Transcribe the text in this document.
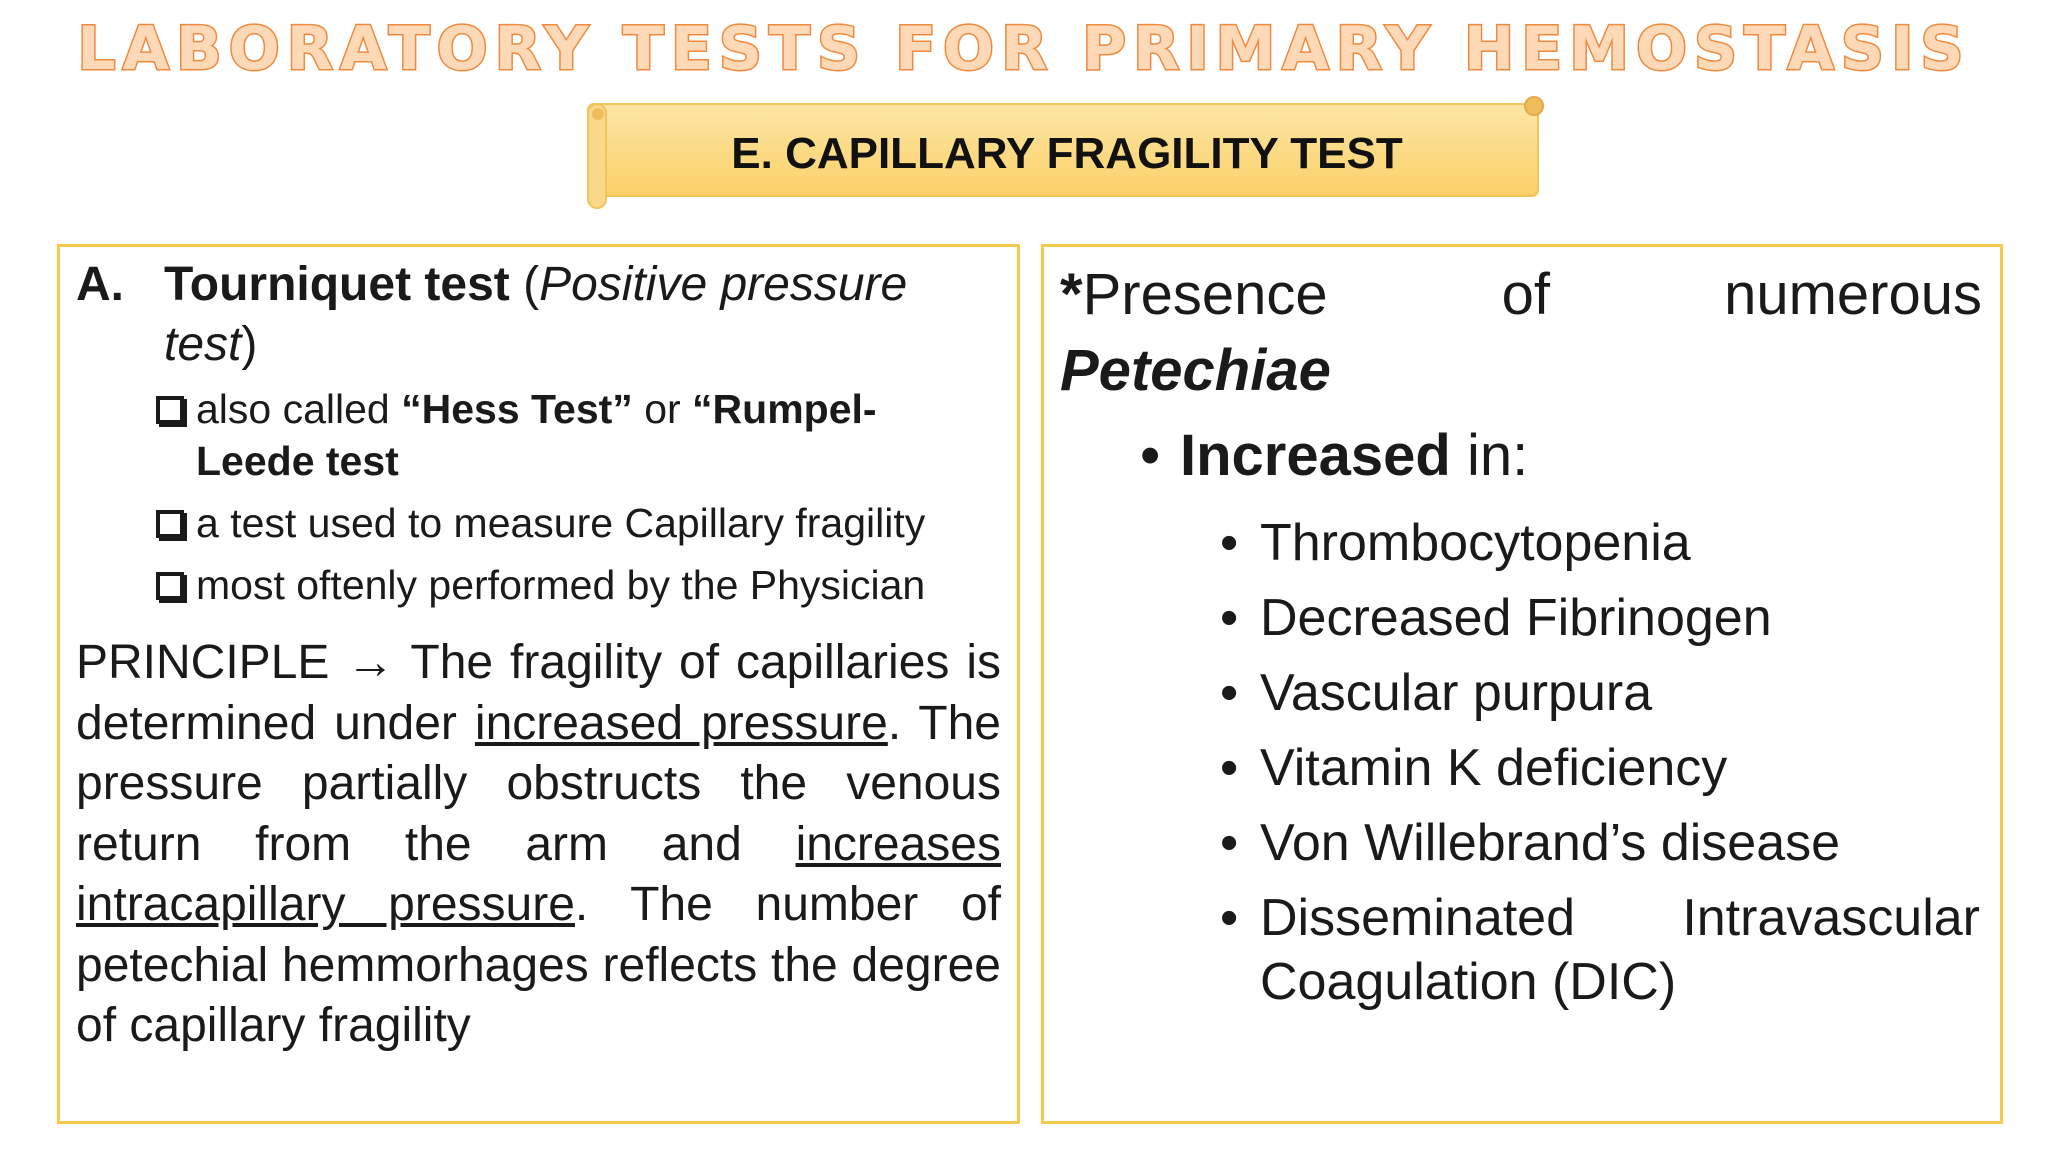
LABORATORY TESTS FOR PRIMARY HEMOSTASIS
E. CAPILLARY FRAGILITY TEST
A. Tourniquet test (Positive pressure test)
also called “Hess Test” or “Rumpel-Leede test
a test used to measure Capillary fragility
most oftenly performed by the Physician
PRINCIPLE → The fragility of capillaries is determined under increased pressure. The pressure partially obstructs the venous return from the arm and increases intracapillary pressure. The number of petechial hemmorhages reflects the degree of capillary fragility
*Presence	of	numerous
Petechiae
• Increased in:
• Thrombocytopenia
• Decreased Fibrinogen
• Vascular purpura
• Vitamin K deficiency
• Von Willebrand’s disease
• Disseminated Intravascular
Coagulation (DIC)
